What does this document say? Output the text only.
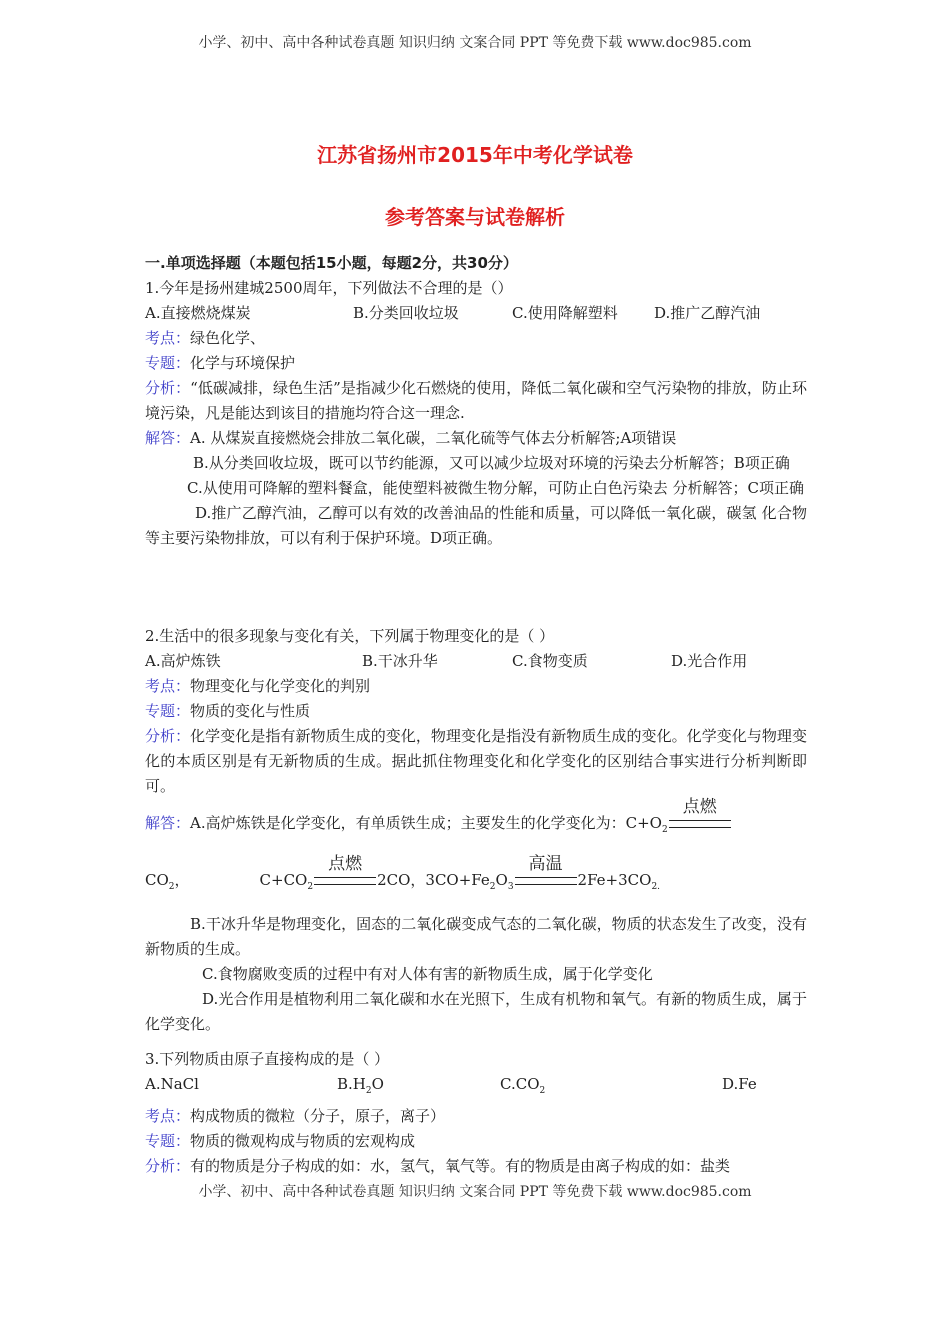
小学、初中、高中各种试卷真题 知识归纳 文案合同 PPT 等免费下载 www.doc985.com
江苏省扬州市2015年中考化学试卷
参考答案与试卷解析
一.单项选择题（本题包括15小题，每题2分，共30分）
1.今年是扬州建城2500周年，下列做法不合理的是（）
A.直接燃烧煤炭	B.分类回收垃圾	C.使用降解塑料 D.推广乙醇汽油
考点：绿色化学、
专题：化学与环境保护
分析：“低碳减排，绿色生活”是指减少化石燃烧的使用，降低二氧化碳和空气污染物的排放，防止环境污染，凡是能达到该目的措施均符合这一理念.
解答：A. 从煤炭直接燃烧会排放二氧化碳，二氧化硫等气体去分析解答;A项错误
B.从分类回收垃圾，既可以节约能源，又可以减少垃圾对环境的污染去分析解答；B项正确
C.从使用可降解的塑料餐盒，能使塑料被微生物分解，可防止白色污染去 分析解答；C项正确
D.推广乙醇汽油，乙醇可以有效的改善油品的性能和质量，可以降低一氧化碳，碳氢 化合物等主要污染物排放，可以有利于保护环境。D项正确。
2.生活中的很多现象与变化有关，下列属于物理变化的是（ ）
A.高炉炼铁	B.干冰升华	C.食物变质	D.光合作用
考点：物理变化与化学变化的判别
专题：物质的变化与性质
分析：化学变化是指有新物质生成的变化，物理变化是指没有新物质生成的变化。化学变化与物理变化的本质区别是有无新物质的生成。据此抓住物理变化和化学变化的区别结合事实进行分析判断即可。
解答：A.高炉炼铁是化学变化，有单质铁生成；主要发生的化学变化为：$C+O_2$
点燃
$CO_2$，	$C+CO_2$
点燃
2CO，$3CO+Fe_2O_3$
高温
$2Fe+3CO_{2.}$
B.干冰升华是物理变化，固态的二氧化碳变成气态的二氧化碳，物质的状态发生了改变，没有新物质的生成。
C.食物腐败变质的过程中有对人体有害的新物质生成，属于化学变化
D.光合作用是植物利用二氧化碳和水在光照下，生成有机物和氧气。有新的物质生成，属于化学变化。
3.下列物质由原子直接构成的是（ ）
A.NaCl	$B.H_2O$	$C.CO_2$	D.Fe
考点：构成物质的微粒（分子，原子，离子）
专题：物质的微观构成与物质的宏观构成
分析：有的物质是分子构成的如：水，氢气，氧气等。有的物质是由离子构成的如：盐类
小学、初中、高中各种试卷真题 知识归纳 文案合同 PPT 等免费下载 www.doc985.com
